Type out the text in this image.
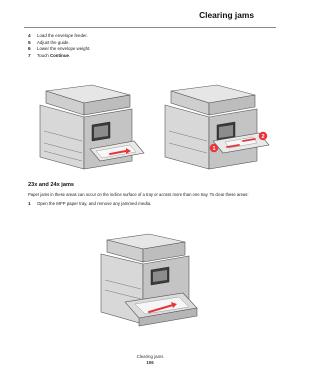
Clearing jams
4	Load the envelope feeder.
5	Adjust the guide.
6	Lower the envelope weight.
7	Touch Continue.
1
2
23x and 24x jams
Paper jams in these areas can occur on the incline surface of a tray or across more than one tray. To clear these areas:
1	Open the MFP paper tray, and remove any jammed media.
Clearing jams
106
